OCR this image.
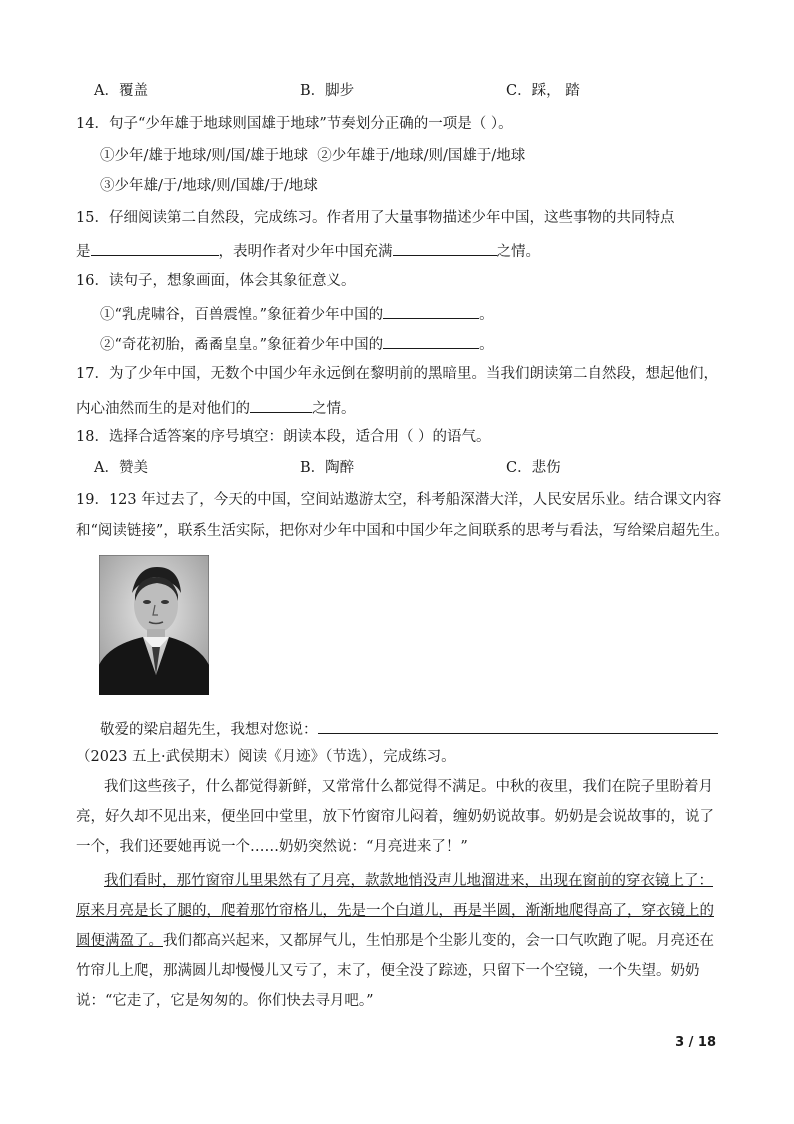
A．覆盖	B．脚步	C．踩， 踏
14．句子“少年雄于地球则国雄于地球”节奏划分正确的一项是（ ）。
①少年/雄于地球/则/国/雄于地球 ②少年雄于/地球/则/国雄于/地球
③少年雄/于/地球/则/国雄/于/地球
15．仔细阅读第二自然段，完成练习。作者用了大量事物描述少年中国，这些事物的共同特点
是	，表明作者对少年中国充满	之情。
16．读句子，想象画面，体会其象征意义。
①“乳虎啸谷，百兽震惶。”象征着少年中国的	。
②“奇花初胎，矞矞皇皇。”象征着少年中国的	。
17．为了少年中国，无数个中国少年永远倒在黎明前的黑暗里。当我们朗读第二自然段，想起他们，
内心油然而生的是对他们的	之情。
18．选择合适答案的序号填空：朗读本段，适合用（ ）的语气。
A．赞美	B．陶醉	C．悲伤
19．123 年过去了，今天的中国，空间站遨游太空，科考船深潜大洋，人民安居乐业。结合课文内容
和“阅读链接”，联系生活实际，把你对少年中国和中国少年之间联系的思考与看法，写给梁启超先生。
敬爱的梁启超先生，我想对您说：
（2023 五上·武侯期末）阅读《月迹》（节选），完成练习。
我们这些孩子，什么都觉得新鲜，又常常什么都觉得不满足。中秋的夜里，我们在院子里盼着月亮，好久却不见出来，便坐回中堂里，放下竹窗帘儿闷着，缠奶奶说故事。奶奶是会说故事的，说了一个，我们还要她再说一个……奶奶突然说：“月亮进来了！”
我们看时，那竹窗帘儿里果然有了月亮，款款地悄没声儿地溜进来，出现在窗前的穿衣镜上了：原来月亮是长了腿的，爬着那竹帘格儿，先是一个白道儿，再是半圆，渐渐地爬得高了，穿衣镜上的圆便满盈了。我们都高兴起来，又都屏气儿，生怕那是个尘影儿变的，会一口气吹跑了呢。月亮还在竹帘儿上爬，那满圆儿却慢慢儿又亏了，末了，便全没了踪迹，只留下一个空镜，一个失望。奶奶说：“它走了，它是匆匆的。你们快去寻月吧。”
3 / 18
